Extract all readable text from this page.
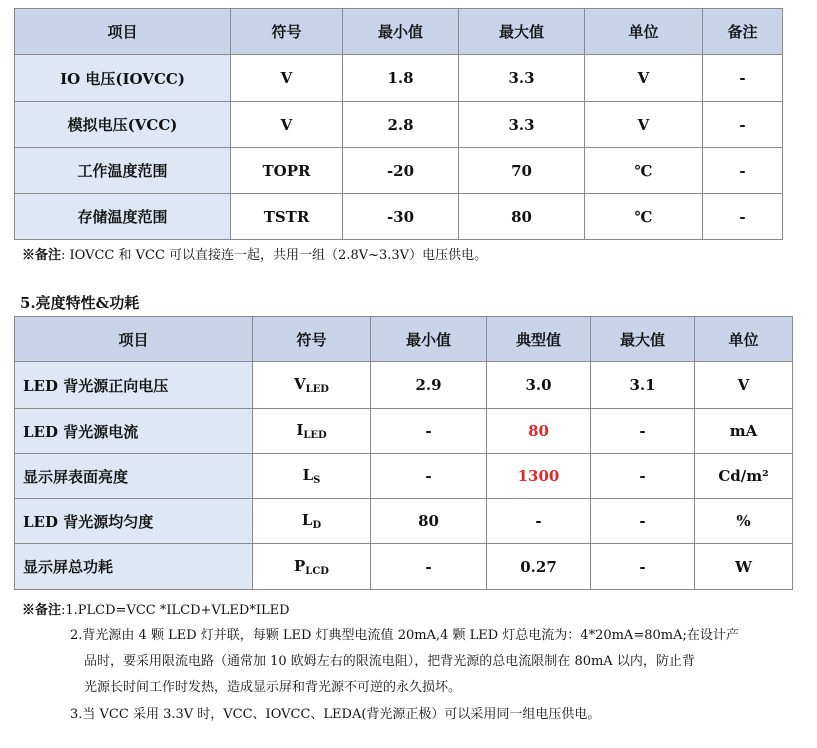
项目	符号	最小值	最大值	单位	备注
IO 电压(IOVCC)	V	1.8	3.3	V	-
模拟电压(VCC)	V	2.8	3.3	V	-
工作温度范围	TOPR	-20	70	℃	-
存储温度范围	TSTR	-30	80	℃	-
※备注: IOVCC 和 VCC 可以直接连一起，共用一组（2.8V~3.3V）电压供电。
5.亮度特性&功耗
项目	符号	最小值	典型值	最大值	单位
LED 背光源正向电压	$V_{LED}$	2.9	3.0	3.1	V
LED 背光源电流	$I_{LED}$	-	80	-	mA
显示屏表面亮度	$L_S$	-	1300	-	Cd/m²
LED 背光源均匀度	$L_D$	80	-	-	%
显示屏总功耗	$P_{LCD}$	-	0.27	-	W
※备注:1.PLCD=VCC *ILCD+VLED*ILED
2.背光源由 4 颗 LED 灯并联，每颗 LED 灯典型电流值 20mA,4 颗 LED 灯总电流为：4*20mA=80mA;在设计产
品时，要采用限流电路（通常加 10 欧姆左右的限流电阻），把背光源的总电流限制在 80mA 以内，防止背
光源长时间工作时发热，造成显示屏和背光源不可逆的永久损坏。
3.当 VCC 采用 3.3V 时，VCC、IOVCC、LEDA(背光源正极）可以采用同一组电压供电。
